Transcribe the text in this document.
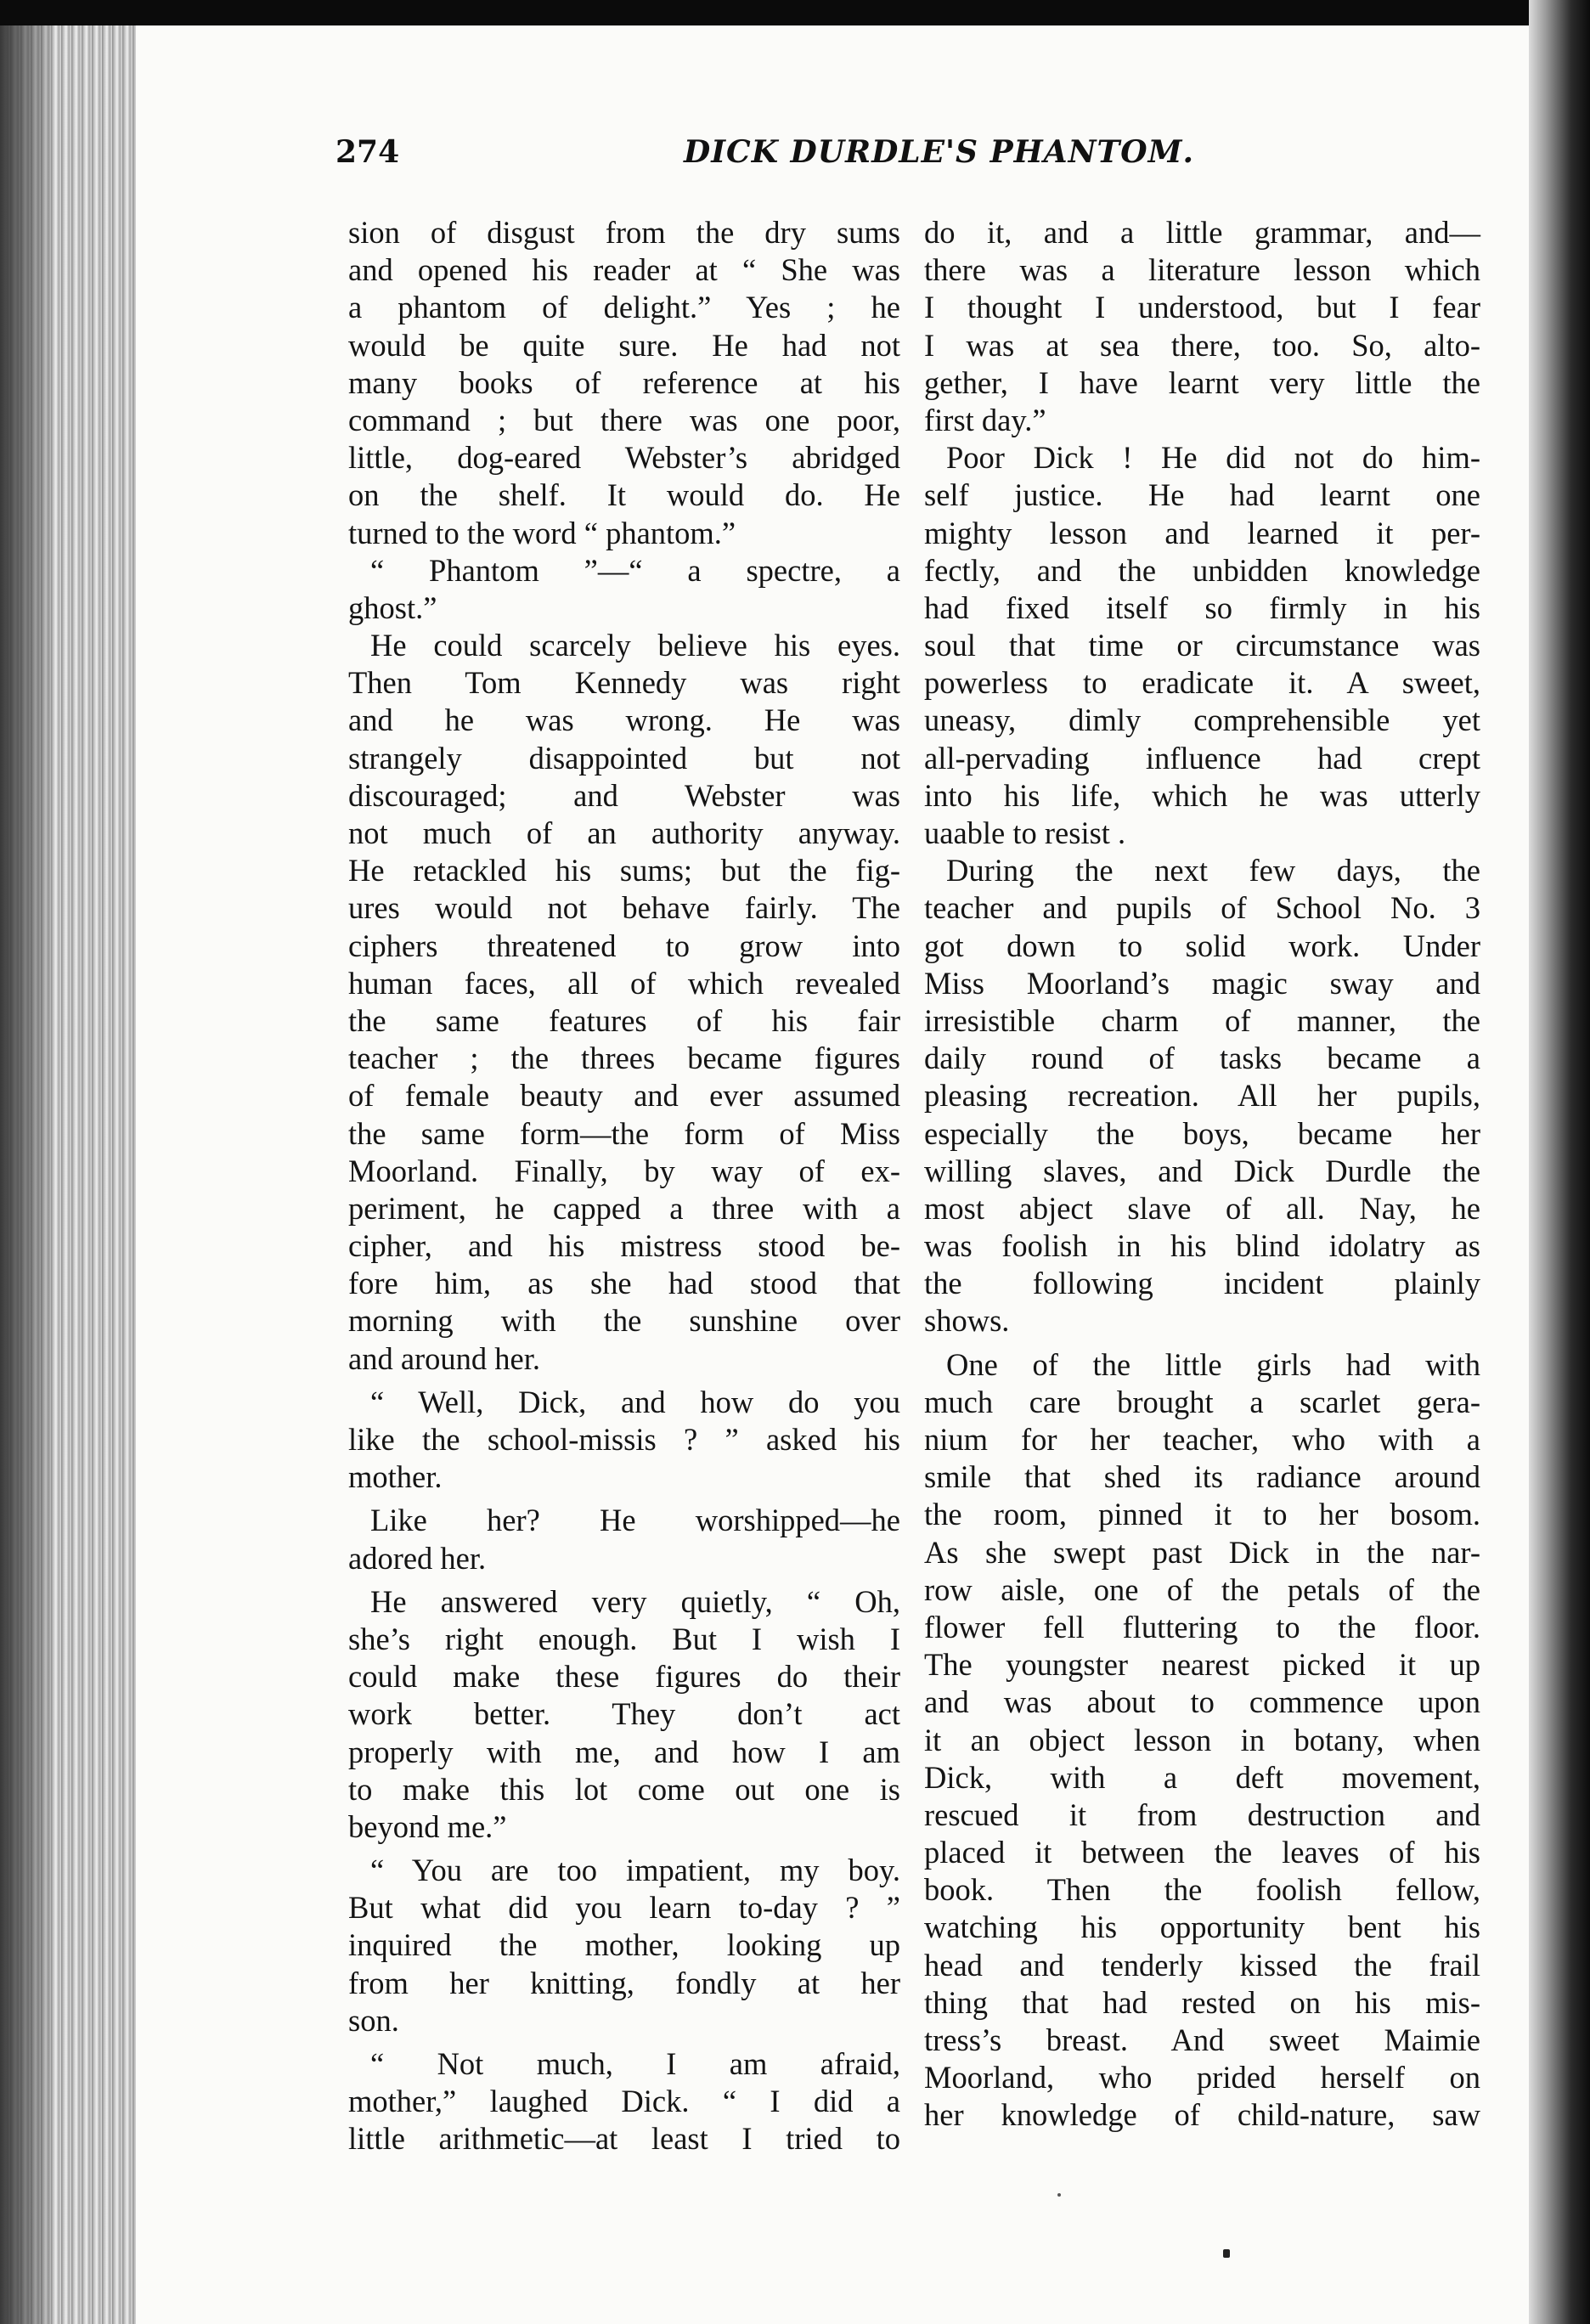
274	DICK DURDLE'S PHANTOM.
sion of disgust from the dry sums
and opened his reader at “ She was
a phantom of delight.” Yes ; he
would be quite sure. He had not
many books of reference at his
command ; but there was one poor,
little, dog-eared Webster’s abridged
on the shelf. It would do. He
turned to the word “ phantom.”
“ Phantom ”—“ a spectre, a
ghost.”
He could scarcely believe his eyes.
Then Tom Kennedy was right
and he was wrong. He was
strangely disappointed but not
discouraged; and Webster was
not much of an authority anyway.
He retackled his sums; but the fig-
ures would not behave fairly. The
ciphers threatened to grow into
human faces, all of which revealed
the same features of his fair
teacher ; the threes became figures
of female beauty and ever assumed
the same form—the form of Miss
Moorland. Finally, by way of ex-
periment, he capped a three with a
cipher, and his mistress stood be-
fore him, as she had stood that
morning with the sunshine over
and around her.
“ Well, Dick, and how do you
like the school-missis ? ” asked his
mother.
Like her? He worshipped—he
adored her.
He answered very quietly, “ Oh,
she’s right enough. But I wish I
could make these figures do their
work better. They don’t act
properly with me, and how I am
to make this lot come out one is
beyond me.”
“ You are too impatient, my boy.
But what did you learn to-day ? ”
inquired the mother, looking up
from her knitting, fondly at her
son.
“ Not much, I am afraid,
mother,” laughed Dick. “ I did a
little arithmetic—at least I tried to
do it, and a little grammar, and—
there was a literature lesson which
I thought I understood, but I fear
I was at sea there, too. So, alto-
gether, I have learnt very little the
first day.”
Poor Dick ! He did not do him-
self justice. He had learnt one
mighty lesson and learned it per-
fectly, and the unbidden knowledge
had fixed itself so firmly in his
soul that time or circumstance was
powerless to eradicate it. A sweet,
uneasy, dimly comprehensible yet
all-pervading influence had crept
into his life, which he was utterly
uaable to resist .
During the next few days, the
teacher and pupils of School No. 3
got down to solid work. Under
Miss Moorland’s magic sway and
irresistible charm of manner, the
daily round of tasks became a
pleasing recreation. All her pupils,
especially the boys, became her
willing slaves, and Dick Durdle the
most abject slave of all. Nay, he
was foolish in his blind idolatry as
the following incident plainly
shows.
One of the little girls had with
much care brought a scarlet gera-
nium for her teacher, who with a
smile that shed its radiance around
the room, pinned it to her bosom.
As she swept past Dick in the nar-
row aisle, one of the petals of the
flower fell fluttering to the floor.
The youngster nearest picked it up
and was about to commence upon
it an object lesson in botany, when
Dick, with a deft movement,
rescued it from destruction and
placed it between the leaves of his
book. Then the foolish fellow,
watching his opportunity bent his
head and tenderly kissed the frail
thing that had rested on his mis-
tress’s breast. And sweet Maimie
Moorland, who prided herself on
her knowledge of child-nature, saw
